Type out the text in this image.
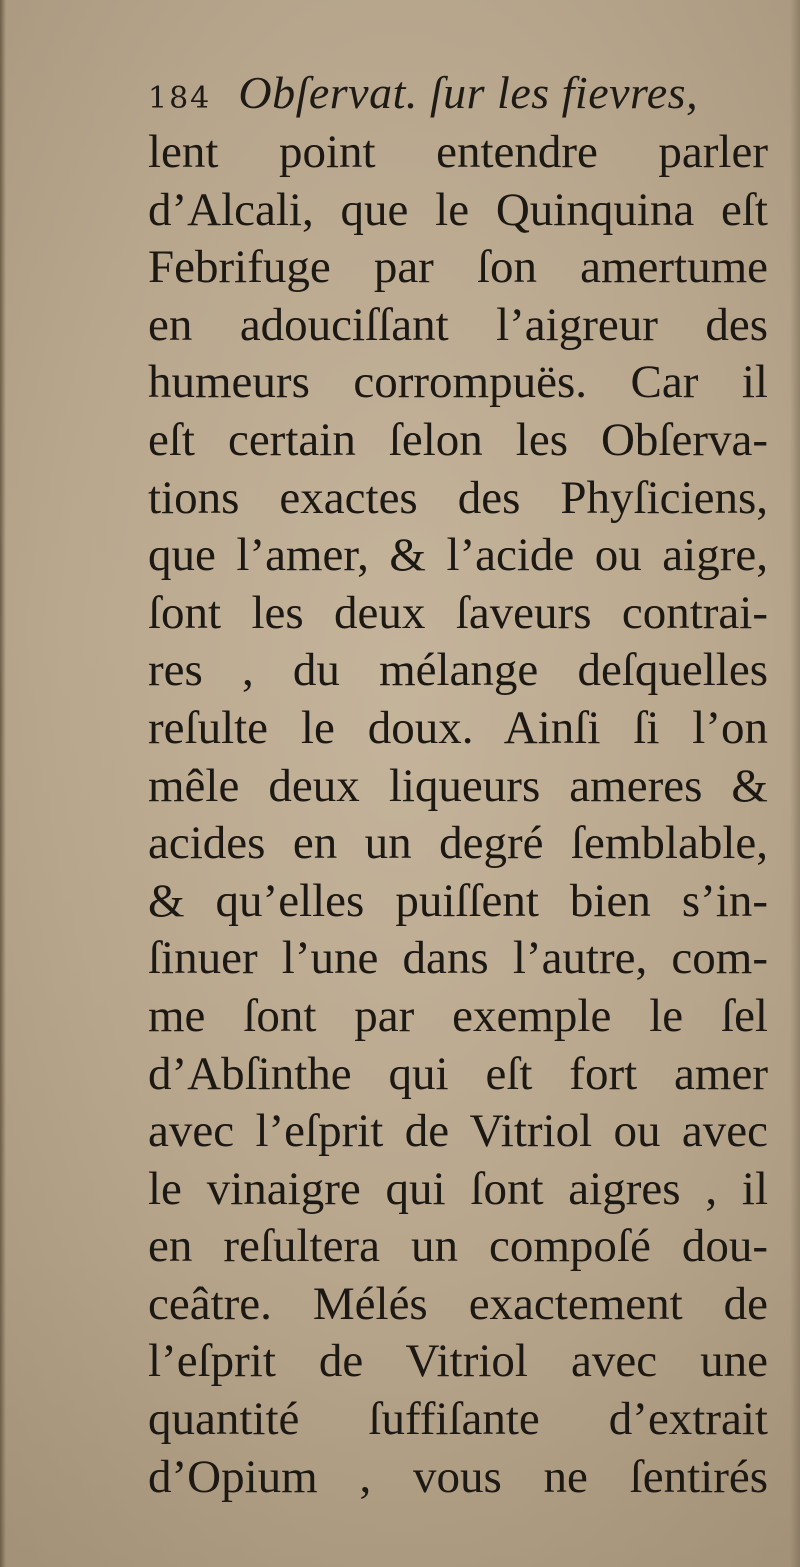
184 Obſervat. ſur les fievres,
lent point entendre parler
d’Alcali, que le Quinquina eſt
Febrifuge par ſon amertume
en adouciſſant l’aigreur des
humeurs corrompuës. Car il
eſt certain ſelon les Obſerva-
tions exactes des Phyſiciens,
que l’amer, & l’acide ou aigre,
ſont les deux ſaveurs contrai-
res , du mélange deſquelles
reſulte le doux. Ainſi ſi l’on
mêle deux liqueurs ameres &
acides en un degré ſemblable,
& qu’elles puiſſent bien s’in-
ſinuer l’une dans l’autre, com-
me ſont par exemple le ſel
d’Abſinthe qui eſt fort amer
avec l’eſprit de Vitriol ou avec
le vinaigre qui ſont aigres , il
en reſultera un compoſé dou-
ceâtre. Mélés exactement de
l’eſprit de Vitriol avec une
quantité ſuffiſante d’extrait
d’Opium , vous ne ſentirés
